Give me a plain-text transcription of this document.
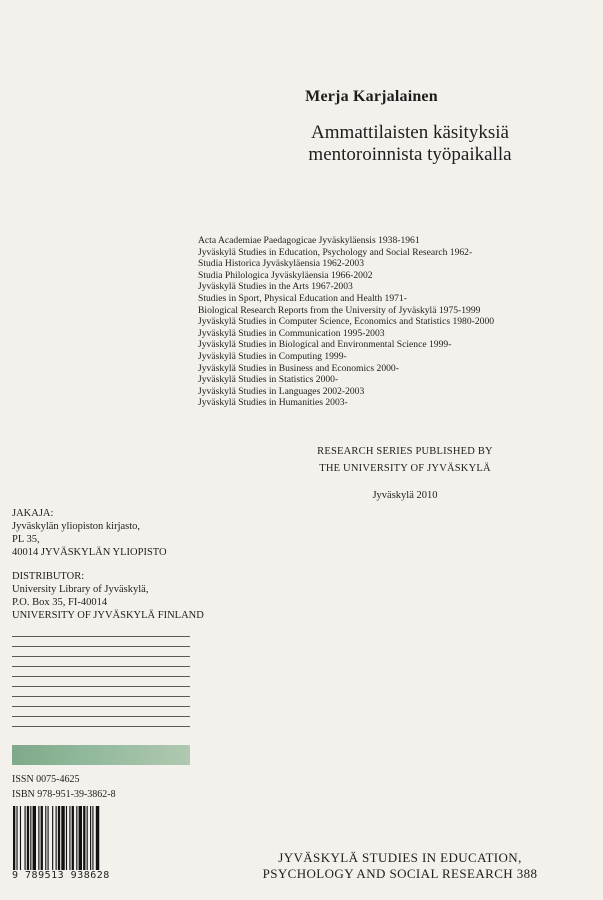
Merja Karjalainen
Ammattilaisten käsityksiä
mentoroinnista työpaikalla
Acta Academiae Paedagogicae Jyväskyläensis 1938-1961
Jyväskylä Studies in Education, Psychology and Social Research 1962-
Studia Historica Jyväskyläensia 1962-2003
Studia Philologica Jyväskyläensia 1966-2002
Jyväskylä Studies in the Arts 1967-2003
Studies in Sport, Physical Education and Health 1971-
Biological Research Reports from the University of Jyväskylä 1975-1999
Jyväskylä Studies in Computer Science, Economics and Statistics 1980-2000
Jyväskylä Studies in Communication 1995-2003
Jyväskylä Studies in Biological and Environmental Science 1999-
Jyväskylä Studies in Computing 1999-
Jyväskylä Studies in Business and Economics 2000-
Jyväskylä Studies in Statistics 2000-
Jyväskylä Studies in Languages 2002-2003
Jyväskylä Studies in Humanities 2003-
RESEARCH SERIES PUBLISHED BY
THE UNIVERSITY OF JYVÄSKYLÄ
Jyväskylä 2010
JAKAJA:
Jyväskylän yliopiston kirjasto,
PL 35,
40014 JYVÄSKYLÄN YLIOPISTO
DISTRIBUTOR:
University Library of Jyväskylä,
P.O. Box 35, FI-40014
UNIVERSITY OF JYVÄSKYLÄ FINLAND
ISSN 0075-4625
ISBN 978-951-39-3862-8
9 789513 938628
JYVÄSKYLÄ STUDIES IN EDUCATION,
PSYCHOLOGY AND SOCIAL RESEARCH 388
